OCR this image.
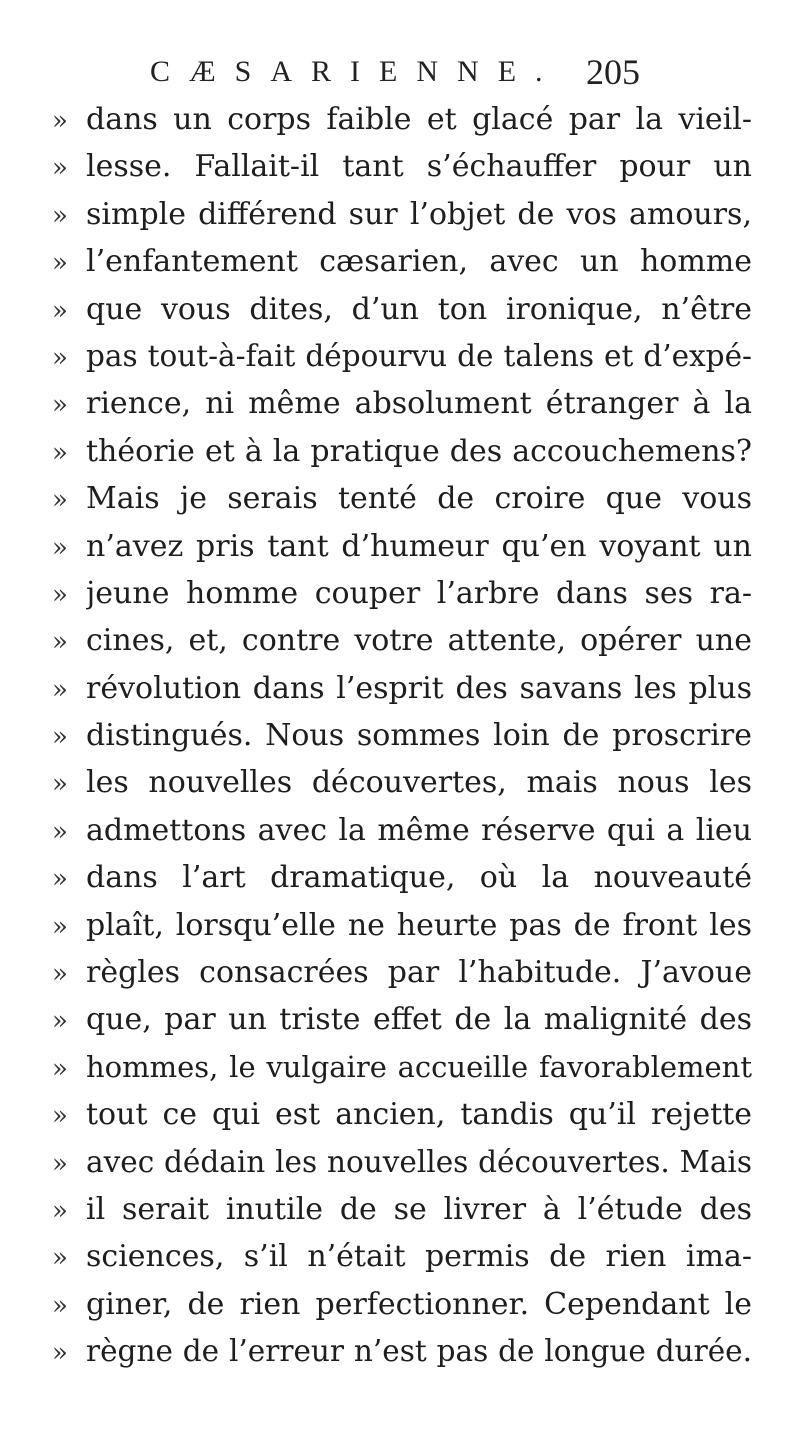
CÆSARIENNE. 205
» dans un corps faible et glacé par la vieil-
» lesse. Fallait-il tant s’échauffer pour un
» simple différend sur l’objet de vos amours,
» l’enfantement cæsarien, avec un homme
» que vous dites, d’un ton ironique, n’être
» pas tout-à-fait dépourvu de talens et d’expé-
» rience, ni même absolument étranger à la
» théorie et à la pratique des accouchemens?
» Mais je serais tenté de croire que vous
» n’avez pris tant d’humeur qu’en voyant un
» jeune homme couper l’arbre dans ses ra-
» cines, et, contre votre attente, opérer une
» révolution dans l’esprit des savans les plus
» distingués. Nous sommes loin de proscrire
» les nouvelles découvertes, mais nous les
» admettons avec la même réserve qui a lieu
» dans l’art dramatique, où la nouveauté
» plaît, lorsqu’elle ne heurte pas de front les
» règles consacrées par l’habitude. J’avoue
» que, par un triste effet de la malignité des
» hommes, le vulgaire accueille favorablement
» tout ce qui est ancien, tandis qu’il rejette
» avec dédain les nouvelles découvertes. Mais
» il serait inutile de se livrer à l’étude des
» sciences, s’il n’était permis de rien ima-
» giner, de rien perfectionner. Cependant le
» règne de l’erreur n’est pas de longue durée.
